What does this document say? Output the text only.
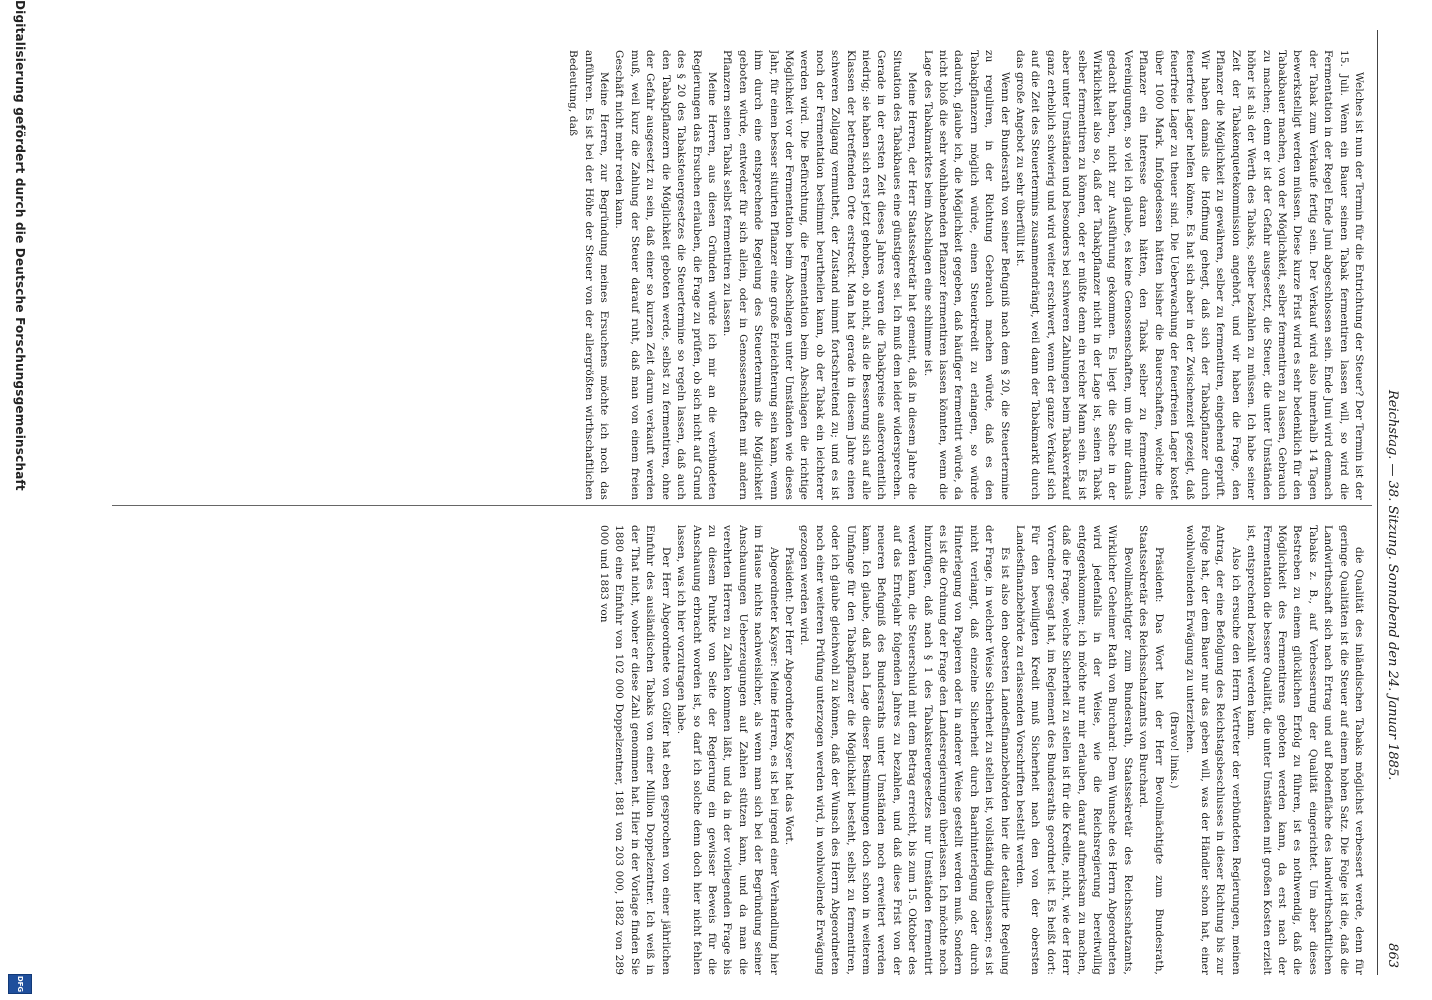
Reichstag. — 38. Sitzung. Sonnabend den 24. Januar 1885.
863

Welches ist nun der Termin für die Entrichtung der Steuer? Der Termin ist der 15. Juli. Wenn ein Bauer seinen Tabak fermentiren lassen will, so wird die Fermentation in der Regel Ende Juni abgeschlossen sein. Ende Juni wird demnach der Tabak zum Verkaufe fertig sein. Der Verkauf wird also innerhalb 14 Tagen bewerkstelligt werden müssen. Diese kurze Frist wird es sehr bedenklich für den Tabakbauer machen, von der Möglichkeit, selber fermentiren zu lassen, Gebrauch zu machen; denn er ist der Gefahr ausgesetzt, die Steuer, die unter Umständen höher ist als der Werth des Tabaks, selber bezahlen zu müssen. Ich habe seiner Zeit der Tabakenquetekommission angehört, und wir haben die Frage, den Pflanzer die Möglichkeit zu gewähren, selber zu fermentiren, eingehend geprüft. Wir haben damals die Hoffnung gehegt, daß sich der Tabakpflanzer durch feuerfreie Lager helfen könne. Es hat sich aber in der Zwischenzeit gezeigt, daß feuerfreie Lager zu theuer sind. Die Ueberwachung der feuerfreien Lager kostet über 1000 Mark. Infolgedessen hätten bisher die Bauerschaften, welche die Pflanzer ein Interesse daran hätten, den Tabak selber zu fermentiren, Vereinigungen, so viel ich glaube, es keine Genossenschaften, um die mir damals gedacht haben, nicht zur Ausführung gekommen. Es liegt die Sache in der Wirklichkeit also so, daß der Tabakpflanzer nicht in der Lage ist, seinen Tabak selber fermentiren zu können, oder er müßte denn ein reicher Mann sein. Es ist aber unter Umständen und besonders bei schweren Zahlungen beim Tabakverkauf ganz erheblich schwierig und wird weiter erschwert, wenn der ganze Verkauf sich auf die Zeit des Steuertermins zusammendrängt, weil dann der Tabakmarkt durch das große Angebot zu sehr überfüllt ist.

Wenn der Bundesrath von seiner Befugniß nach dem § 20, die Steuertermine zu reguliren, in der Richtung Gebrauch machen würde, daß es den Tabakpflanzern möglich würde, einen Steuerkredit zu erlangen, so würde dadurch, glaube ich, die Möglichkeit gegeben, daß häufiger fermentirt würde, da nicht bloß die sehr wohlhabenden Pflanzer fermentiren lassen könnten, wenn die Lage des Tabakmarktes beim Abschlagen eine schlimme ist.

Meine Herren, der Herr Staatssekretär hat gemeint, daß in diesem Jahre die Situation des Tabakbaues eine günstigere sei. Ich muß dem leider widersprechen. Gerade in der ersten Zeit dieses Jahres waren die Tabakpreise außerordentlich niedrig; sie haben sich erst jetzt gehoben, ob nicht, als die Besserung sich auf alle Klassen der betreffenden Orte erstreckt. Man hat gerade in diesem Jahre einen schweren Zollgang vermuthet, der Zustand nimmt fortschreitend zu; und es ist noch der Fermentation bestimmt beurtheilen kann, ob der Tabak ein leichterer werden wird. Die Befürchtung, die Fermentation beim Abschlagen die richtige Möglichkeit vor der Fermentation beim Abschlagen unter Umständen wie dieses Jahr, für einen besser situirten Pflanzer eine große Erleichterung sein kann, wenn ihm durch eine entsprechende Regelung des Steuertermins die Möglichkeit geboten würde, entweder für sich allein, oder in Genossenschaften mit andern Pflanzern seinen Tabak selbst fermentiren zu lassen.

Meine Herren, aus diesen Gründen würde ich mir an die verbündeten Regierungen das Ersuchen erlauben, die Frage zu prüfen, ob sich nicht auf Grund des § 20 des Tabaksteuergesetzes die Steuertermine so regeln lassen, daß auch den Tabakpflanzern die Möglichkeit geboten werde, selbst zu fermentiren, ohne der Gefahr ausgesetzt zu sein, daß einer so kurzen Zeit darum verkauft werden muß, weil kurz die Zahlung der Steuer darauf ruht, daß man von einem freien Geschäft nicht mehr reden kann.

Meine Herren, zur Begründung meines Ersuchens möchte ich noch das anführen. Es ist bei der Höhe der Steuer von der allergrößten wirthschaftlichen Bedeutung, daß

die Qualität des inländischen Tabaks möglichst verbessert werde, denn für geringe Qualitäten ist die Steuer auf einem hohen Satz. Die Folge ist die, daß die Landwirthschaft sich nach Ertrag und auf Bodenfläche des landwirthschaftlichen Tabaks z. B., auf Verbesserung der Qualität eingerichtet. Um aber dieses Bestreben zu einem glücklichen Erfolg zu führen, ist es nothwendig, daß die Möglichkeit des Fermentirens geboten werden kann, da erst nach der Fermentation die bessere Qualität, die unter Umständen mit großen Kosten erzielt ist, entsprechend bezahlt werden kann.

Also ich ersuche den Herrn Vertreter der verbündeten Regierungen, meinen Antrag, der eine Befolgung des Reichstagsbeschlusses in dieser Richtung bis zur Folge hat, der dem Bauer nur das geben will, was der Händler schon hat, einer wohlwollenden Erwägung zu unterziehen.

(Bravo! links.)

Präsident: Das Wort hat der Herr Bevollmächtigte zum Bundesrath, Staatssekretär des Reichsschatzamts von Burchard.

Bevollmächtigter zum Bundesrath, Staatssekretär des Reichsschatzamts, Wirklicher Geheimer Rath von Burchard: Dem Wunsche des Herrn Abgeordneten wird jedenfalls in der Weise, wie die Reichsregierung bereitwillig entgegenkommen; ich möchte nur mir erlauben, darauf aufmerksam zu machen, daß die Frage, welche Sicherheit zu stellen ist für die Kredite, nicht, wie der Herr Vorredner gesagt hat, im Reglement des Bundesraths geordnet ist. Es heißt dort: Für den bewilligten Kredit muß Sicherheit nach den von der obersten Landesfinanzbehörde zu erlassenden Vorschriften bestellt werden.

Es ist also den obersten Landesfinanzbehörden hier die detaillirte Regelung der Frage, in welcher Weise Sicherheit zu stellen ist, vollständig überlassen; es ist nicht verlangt, daß einzelne Sicherheit durch Baarhinterlegung oder durch Hinterlegung von Papieren oder in anderer Weise gestellt werden muß. Sondern es ist die Ordnung der Frage den Landesregierungen überlassen. Ich möchte noch hinzufügen, daß nach § 1 des Tabaksteuergesetzes nur Umständen fermentirt werden kann, die Steuerschuld mit dem Betrag erreicht, bis zum 15. Oktober des auf das Erntejahr folgenden Jahres zu bezahlen, und daß diese Frist von der neueren Befugniß des Bundesraths unter Umständen noch erweitert werden kann. Ich glaube, daß nach Lage dieser Bestimmungen doch schon in weiterem Umfange für den Tabakpflanzer die Möglichkeit besteht, selbst zu fermentiren, oder ich glaube gleichwohl zu können, daß der Wunsch des Herrn Abgeordneten noch einer weiteren Prüfung unterzogen werden wird, in wohlwollende Erwägung gezogen werden wird.

Präsident: Der Herr Abgeordnete Kayser hat das Wort.

Abgeordneter Kayser: Meine Herren, es ist bei irgend einer Verhandlung hier im Hause nichts nachweislicher, als wenn man sich bei der Begründung seiner Anschauungen Ueberzeugungen auf Zahlen stützen kann, und da man die verehrten Herren zu Zahlen kommen läßt, und da in der vorliegenden Frage bis zu diesem Punkte von Seite der Regierung ein gewisser Beweis für die Anschauung erbracht worden ist, so darf ich solche denn doch hier nicht fehlen lassen, was ich hier vorzutragen habe.

Der Herr Abgeordnete von Gölfer hat eben gesprochen von einer jährlichen Einfuhr des ausländischen Tabaks von einer Million Doppelzentner. Ich weiß in der That nicht, woher er diese Zahl genommen hat. Hier in der Vorlage finden Sie 1880 eine Einfuhr von 102 000 Doppelzentner, 1881 von 203 000, 1882 von 289 000 und 1883 von

Digitalisierung gefördert durch die Deutsche Forschungsgemeinschaft
DFG
